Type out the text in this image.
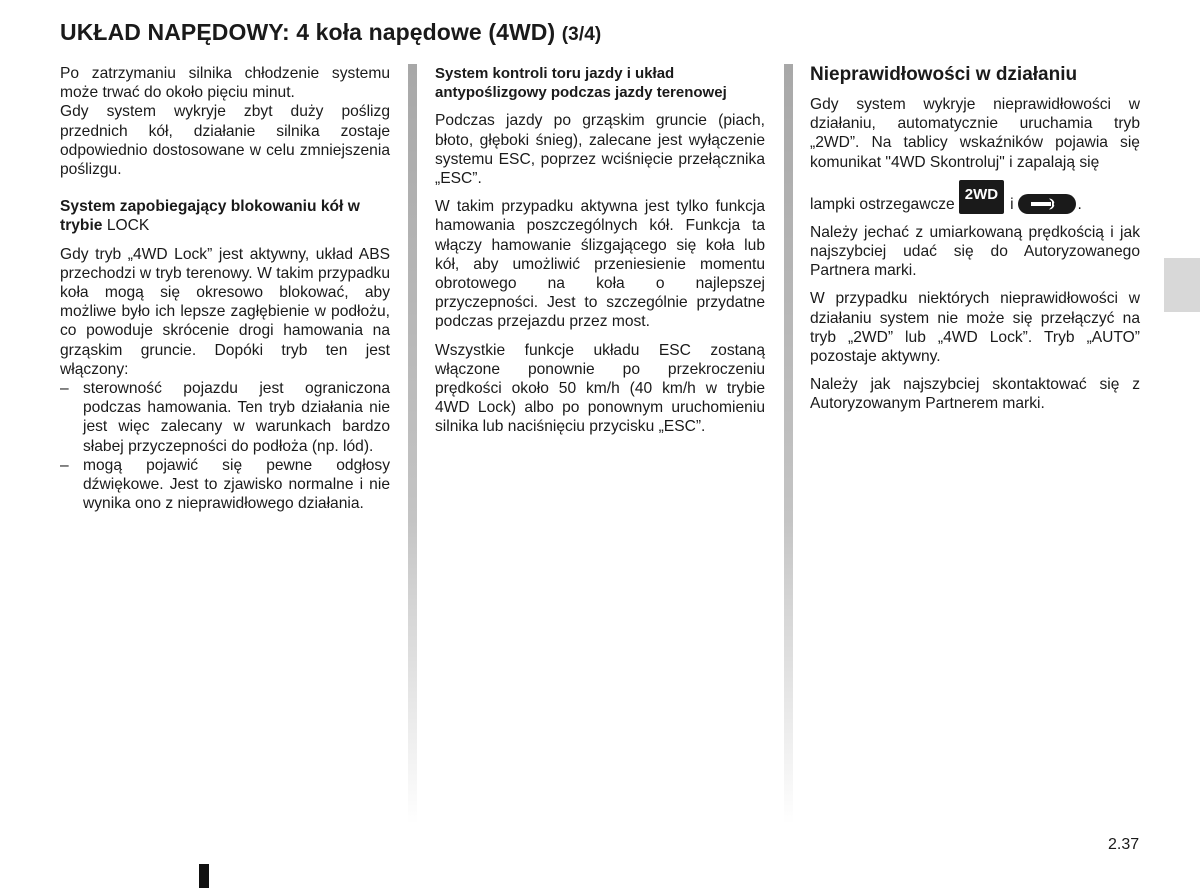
UKŁAD NAPĘDOWY: 4 koła napędowe (4WD) (3/4)

Po zatrzymaniu silnika chłodzenie systemu może trwać do około pięciu minut.

Gdy system wykryje zbyt duży poślizg przednich kół, działanie silnika zostaje odpowiednio dostosowane w celu zmniejszenia poślizgu.

System zapobiegający blokowaniu kół w trybie LOCK

Gdy tryb „4WD Lock” jest aktywny, układ ABS przechodzi w tryb terenowy. W takim przypadku koła mogą się okresowo blokować, aby możliwe było ich lepsze zagłębienie w podłożu, co powoduje skrócenie drogi hamowania na grząskim gruncie. Dopóki tryb ten jest włączony:

– sterowność pojazdu jest ograniczona podczas hamowania. Ten tryb działania nie jest więc zalecany w warunkach bardzo słabej przyczepności do podłoża (np. lód).
– mogą pojawić się pewne odgłosy dźwiękowe. Jest to zjawisko normalne i nie wynika ono z nieprawidłowego działania.

System kontroli toru jazdy i układ antypoślizgowy podczas jazdy terenowej

Podczas jazdy po grząskim gruncie (piach, błoto, głęboki śnieg), zalecane jest wyłączenie systemu ESC, poprzez wciśnięcie przełącznika „ESC”.

W takim przypadku aktywna jest tylko funkcja hamowania poszczególnych kół. Funkcja ta włączy hamowanie ślizgającego się koła lub kół, aby umożliwić przeniesienie momentu obrotowego na koła o najlepszej przyczepności. Jest to szczególnie przydatne podczas przejazdu przez most.

Wszystkie funkcje układu ESC zostaną włączone ponownie po przekroczeniu prędkości około 50 km/h (40 km/h w trybie 4WD Lock) albo po ponownym uruchomieniu silnika lub naciśnięciu przycisku „ESC”.

Nieprawidłowości w działaniu

Gdy system wykryje nieprawidłowości w działaniu, automatycznie uruchamia tryb „2WD”. Na tablicy wskaźników pojawia się komunikat "4WD Skontroluj" i zapalają się

lampki ostrzegawcze
2WD
i	.

Należy jechać z umiarkowaną prędkością i jak najszybciej udać się do Autoryzowanego Partnera marki.

W przypadku niektórych nieprawidłowości w działaniu system nie może się przełączyć na tryb „2WD” lub „4WD Lock”. Tryb „AUTO” pozostaje aktywny.

Należy jak najszybciej skontaktować się z Autoryzowanym Partnerem marki.

2.37
